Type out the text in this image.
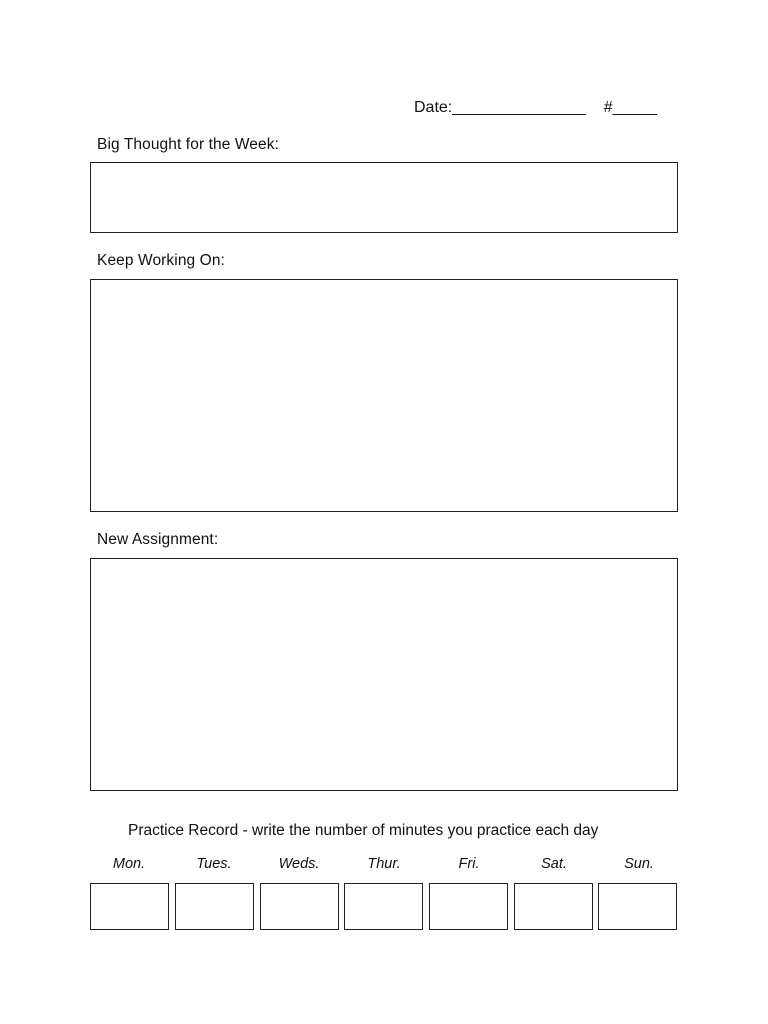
Date:_______________ #_____
Big Thought for the Week:
Keep Working On:
New Assignment:
Practice Record - write the number of minutes you practice each day
Mon.	Tues.	Weds.	Thur.	Fri.	Sat.	Sun.
